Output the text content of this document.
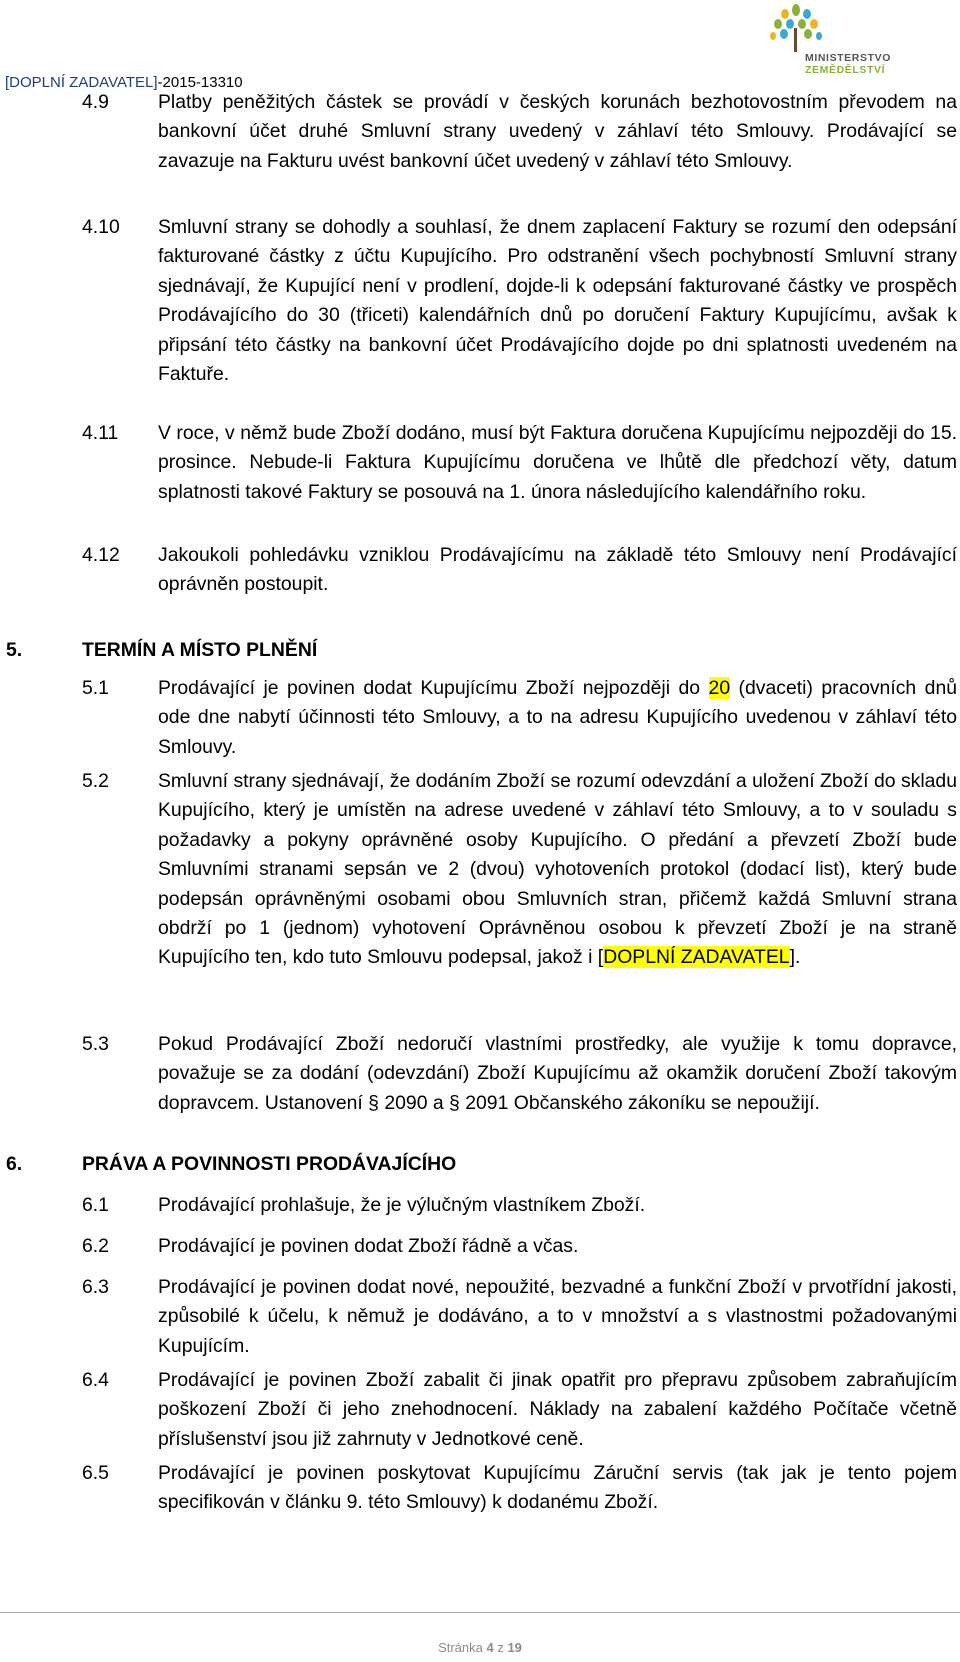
[DOPLNÍ ZADAVATEL]-2015-13310
MINISTERSTVO ZEMĚDĚLSTVÍ
4.9	Platby peněžitých částek se provádí v českých korunách bezhotovostním převodem na bankovní účet druhé Smluvní strany uvedený v záhlaví této Smlouvy. Prodávající se zavazuje na Fakturu uvést bankovní účet uvedený v záhlaví této Smlouvy.
4.10	Smluvní strany se dohodly a souhlasí, že dnem zaplacení Faktury se rozumí den odepsání fakturované částky z účtu Kupujícího. Pro odstranění všech pochybností Smluvní strany sjednávají, že Kupující není v prodlení, dojde-li k odepsání fakturované částky ve prospěch Prodávajícího do 30 (třiceti) kalendářních dnů po doručení Faktury Kupujícímu, avšak k připsání této částky na bankovní účet Prodávajícího dojde po dni splatnosti uvedeném na Faktuře.
4.11	V roce, v němž bude Zboží dodáno, musí být Faktura doručena Kupujícímu nejpozději do 15. prosince. Nebude-li Faktura Kupujícímu doručena ve lhůtě dle předchozí věty, datum splatnosti takové Faktury se posouvá na 1. února následujícího kalendářního roku.
4.12	Jakoukoli pohledávku vzniklou Prodávajícímu na základě této Smlouvy není Prodávající oprávněn postoupit.
5.	TERMÍN A MÍSTO PLNĚNÍ
5.1	Prodávající je povinen dodat Kupujícímu Zboží nejpozději do 20 (dvaceti) pracovních dnů ode dne nabytí účinnosti této Smlouvy, a to na adresu Kupujícího uvedenou v záhlaví této Smlouvy.
5.2	Smluvní strany sjednávají, že dodáním Zboží se rozumí odevzdání a uložení Zboží do skladu Kupujícího, který je umístěn na adrese uvedené v záhlaví této Smlouvy, a to v souladu s požadavky a pokyny oprávněné osoby Kupujícího. O předání a převzetí Zboží bude Smluvními stranami sepsán ve 2 (dvou) vyhotoveních protokol (dodací list), který bude podepsán oprávněnými osobami obou Smluvních stran, přičemž každá Smluvní strana obdrží po 1 (jednom) vyhotovení Oprávněnou osobou k převzetí Zboží je na straně Kupujícího ten, kdo tuto Smlouvu podepsal, jakož i [DOPLNÍ ZADAVATEL].
5.3	Pokud Prodávající Zboží nedoručí vlastními prostředky, ale využije k tomu dopravce, považuje se za dodání (odevzdání) Zboží Kupujícímu až okamžik doručení Zboží takovým dopravcem. Ustanovení § 2090 a § 2091 Občanského zákoníku se nepoužijí.
6.	PRÁVA A POVINNOSTI PRODÁVAJÍCÍHO
6.1	Prodávající prohlašuje, že je výlučným vlastníkem Zboží.
6.2	Prodávající je povinen dodat Zboží řádně a včas.
6.3	Prodávající je povinen dodat nové, nepoužité, bezvadné a funkční Zboží v prvotřídní jakosti, způsobilé k účelu, k němuž je dodáváno, a to v množství a s vlastnostmi požadovanými Kupujícím.
6.4	Prodávající je povinen Zboží zabalit či jinak opatřit pro přepravu způsobem zabraňujícím poškození Zboží či jeho znehodnocení. Náklady na zabalení každého Počítače včetně příslušenství jsou již zahrnuty v Jednotkové ceně.
6.5	Prodávající je povinen poskytovat Kupujícímu Záruční servis (tak jak je tento pojem specifikován v článku 9. této Smlouvy) k dodanému Zboží.
Stránka 4 z 19
